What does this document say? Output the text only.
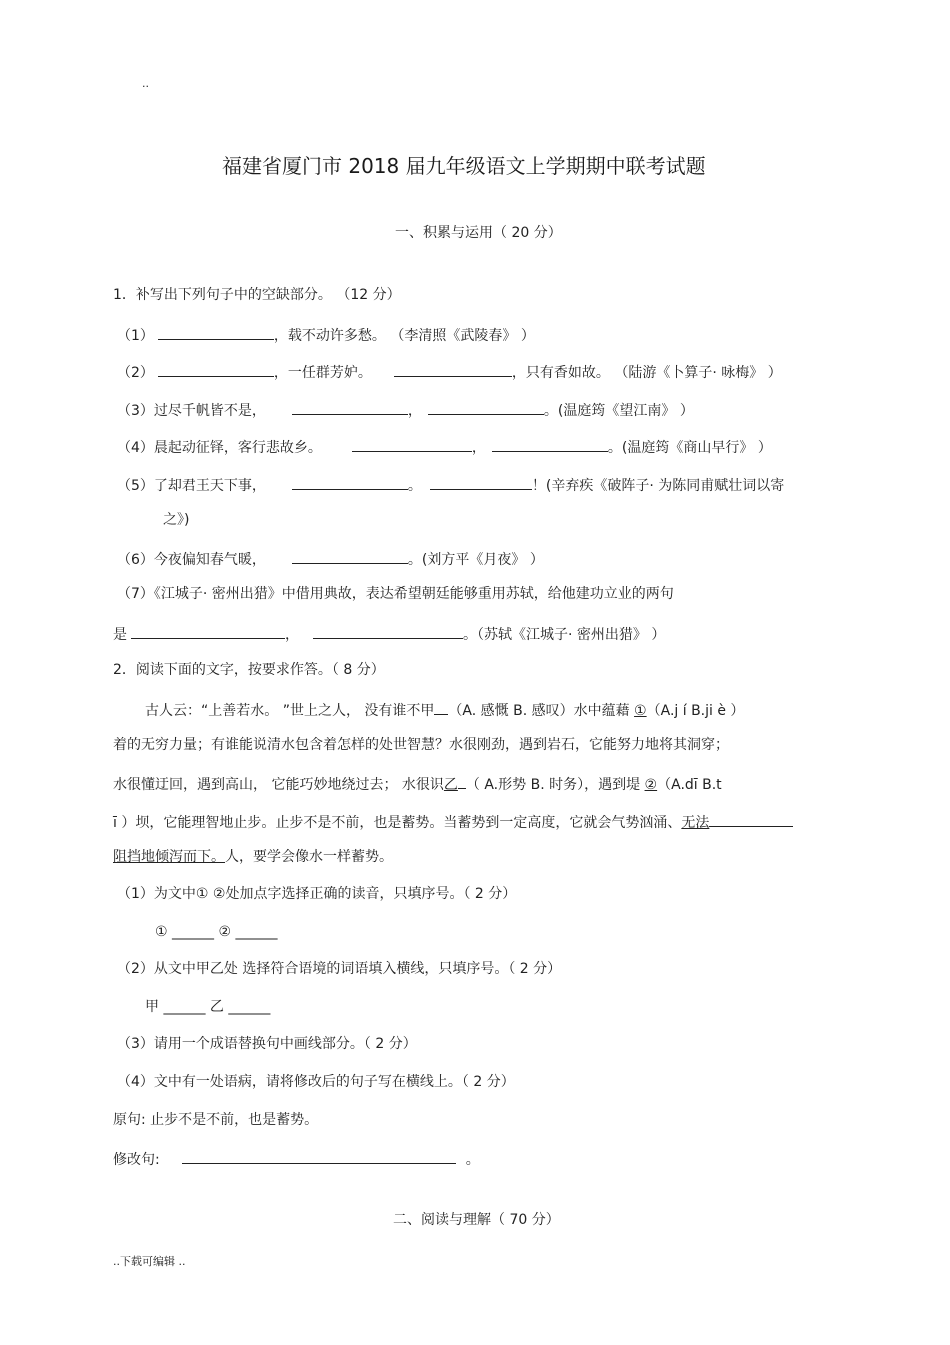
..
福建省厦门市 2018 届九年级语文上学期期中联考试题
一、积累与运用（ 20 分）
1．补写出下列句子中的空缺部分。 （12 分）
（1）	，载不动许多愁。 （李清照《武陵春》 ）
（2）	，一任群芳妒。	，只有香如故。 （陆游《卜算子· 咏梅》 ）
（3）过尽千帆皆不是，	，	。(温庭筠《望江南》 ）
（4）晨起动征铎，客行悲故乡。	，	。(温庭筠《商山早行》 ）
（5）了却君王天下事，	。	！(辛弃疾《破阵子· 为陈同甫赋壮词以寄
之》)
（6）今夜偏知春气暖，	。(刘方平《月夜》 ）
（7）《江城子· 密州出猎》中借用典故，表达希望朝廷能够重用苏轼，给他建功立业的两句
是	，	。（苏轼《江城子· 密州出猎》 ）
2．阅读下面的文字，按要求作答。（ 8 分）
古人云：“上善若水。 ”世上之人， 没有谁不甲 （A. 感慨 B. 感叹）水中蕴藉 ①（A.j í B.ji è ）
着的无穷力量；有谁能说清水包含着怎样的处世智慧？水很刚劲，遇到岩石，它能努力地将其洞穿；
水很懂迂回，遇到高山， 它能巧妙地绕过去； 水很识乙 （ A.形势 B. 时务），遇到堤 ②（A.dī B.t
ī ）坝，它能理智地止步。止步不是不前，也是蓄势。当蓄势到一定高度，它就会气势汹涌、无法
阻挡地倾泻而下。人，要学会像水一样蓄势。
（1）为文中① ②处加点字选择正确的读音，只填序号。（ 2 分）
① ______ ② ______
（2）从文中甲乙处 选择符合语境的词语填入横线，只填序号。（ 2 分）
甲 ______ 乙 ______
（3）请用一个成语替换句中画线部分。（ 2 分）
（4）文中有一处语病，请将修改后的句子写在横线上。（ 2 分）
原句: 止步不是不前，也是蓄势。
修改句:	。
二、阅读与理解（ 70 分）
..下载可编辑 ..
